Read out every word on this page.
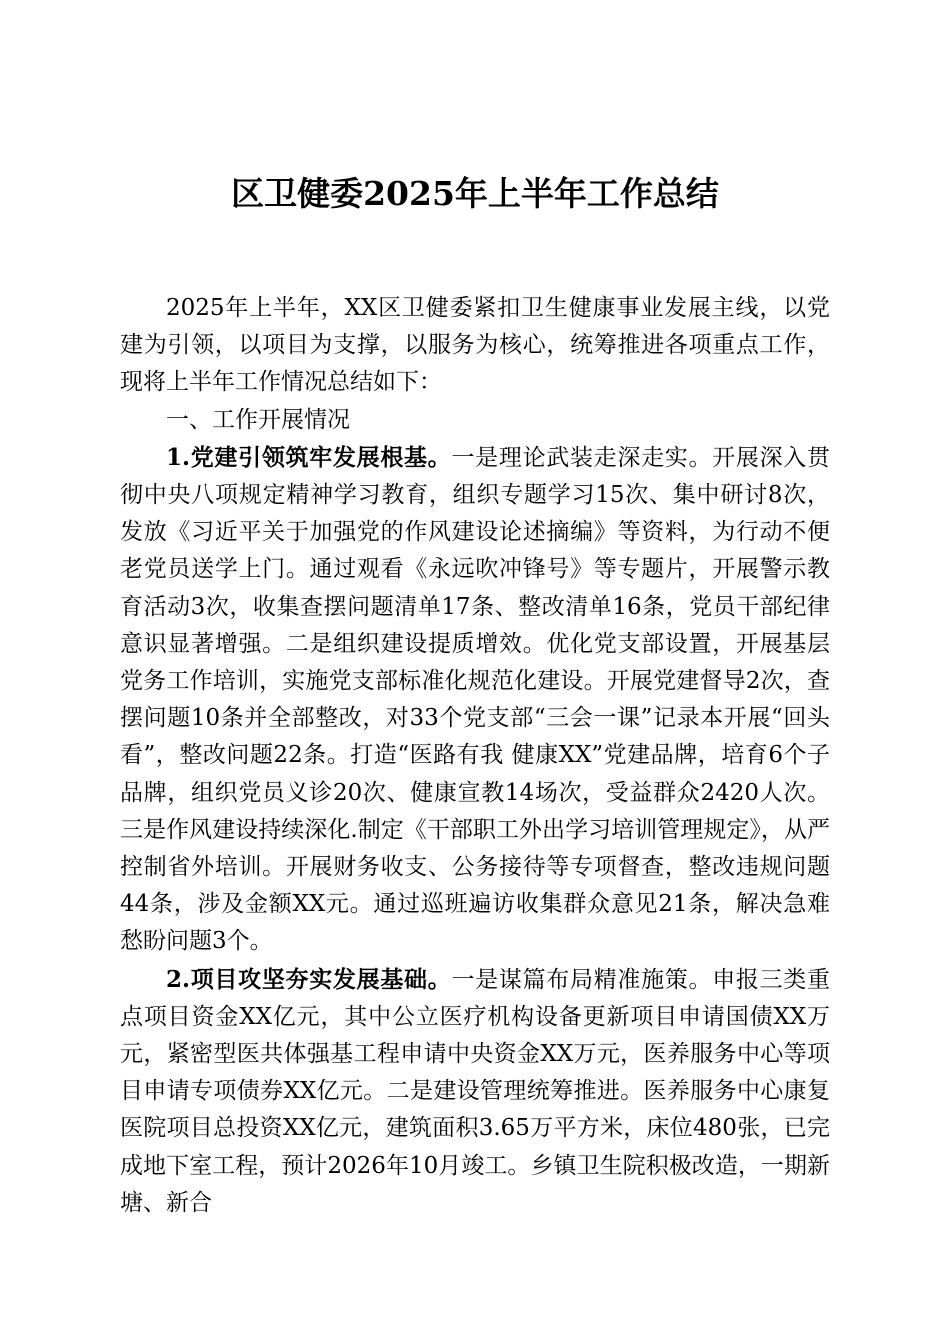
区卫健委2025年上半年工作总结

2025年上半年，XX区卫健委紧扣卫生健康事业发展主线，以党建为引领，以项目为支撑，以服务为核心，统筹推进各项重点工作，现将上半年工作情况总结如下：

一、工作开展情况

1.党建引领筑牢发展根基。一是理论武装走深走实。开展深入贯彻中央八项规定精神学习教育，组织专题学习15次、集中研讨8次，发放《习近平关于加强党的作风建设论述摘编》等资料，为行动不便老党员送学上门。通过观看《永远吹冲锋号》等专题片，开展警示教育活动3次，收集查摆问题清单17条、整改清单16条，党员干部纪律意识显著增强。二是组织建设提质增效。优化党支部设置，开展基层党务工作培训，实施党支部标准化规范化建设。开展党建督导2次，查摆问题10条并全部整改，对33个党支部“三会一课”记录本开展“回头看”，整改问题22条。打造“医路有我 健康XX”党建品牌，培育6个子品牌，组织党员义诊20次、健康宣教14场次，受益群众2420人次。三是作风建设持续深化.制定《干部职工外出学习培训管理规定》，从严控制省外培训。开展财务收支、公务接待等专项督查，整改违规问题44条，涉及金额XX元。通过巡班遍访收集群众意见21条，解决急难愁盼问题3个。

2.项目攻坚夯实发展基础。一是谋篇布局精准施策。申报三类重点项目资金XX亿元，其中公立医疗机构设备更新项目申请国债XX万元，紧密型医共体强基工程申请中央资金XX万元，医养服务中心等项目申请专项债券XX亿元。二是建设管理统筹推进。医养服务中心康复医院项目总投资XX亿元，建筑面积3.65万平方米，床位480张，已完成地下室工程，预计2026年10月竣工。乡镇卫生院积极改造，一期新塘、新合
